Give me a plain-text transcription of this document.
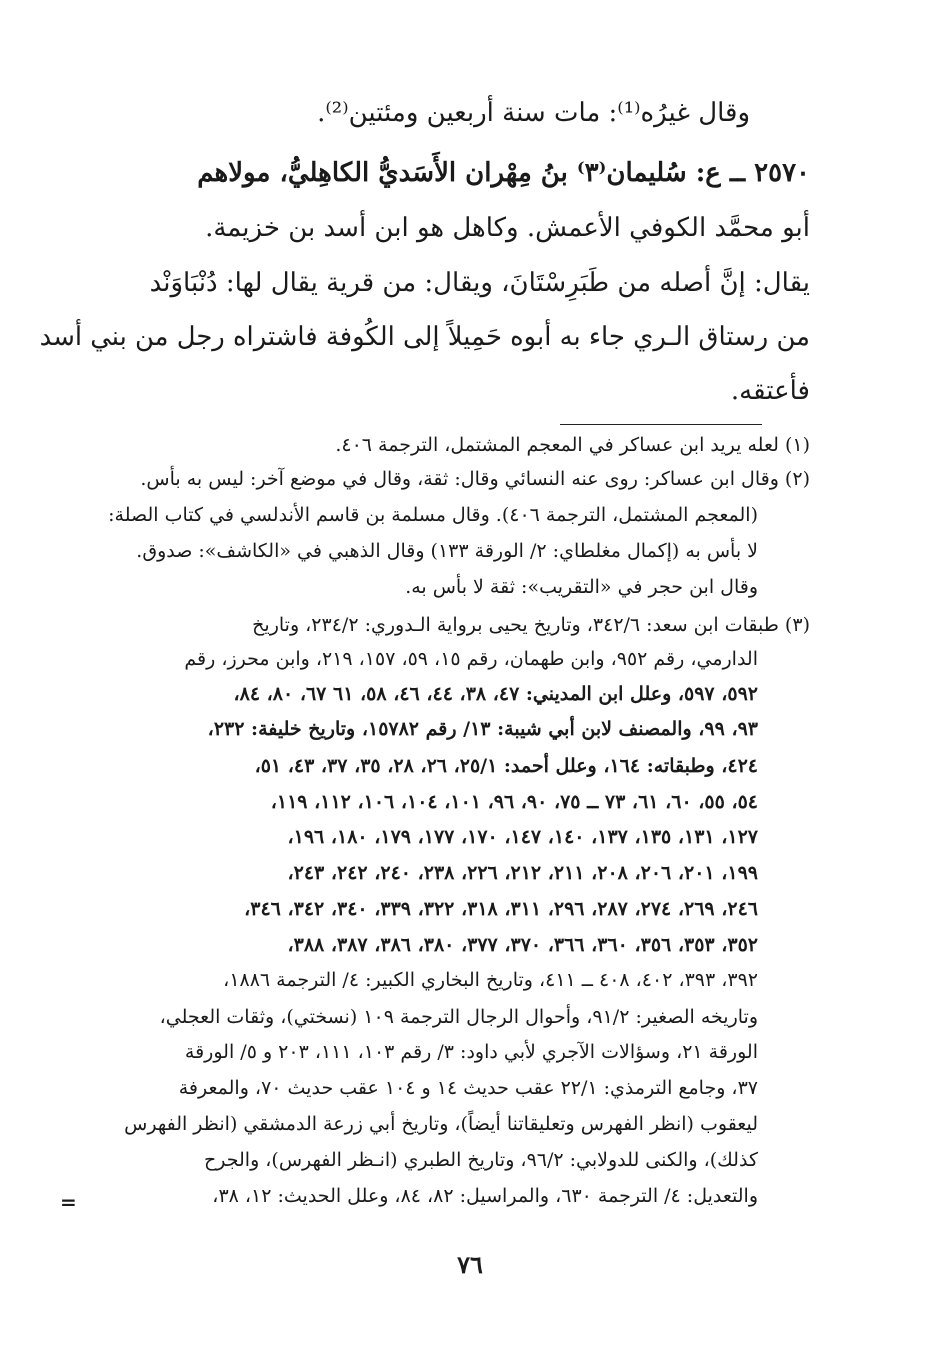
وقال غيرُه⁽¹⁾: مات سنة أربعين ومئتين⁽²⁾.
٢٥٧٠ ــ ع: سُليمان⁽٣⁾ بنُ مِهْران الأَسَديُّ الكاهِليُّ، مولاهم
أبو محمَّد الكوفي الأعمش. وكاهل هو ابن أسد بن خزيمة.
يقال: إنَّ أصله من طَبَرِسْتَانَ، ويقال: من قرية يقال لها: دُنْبَاوَنْد
من رستاق الـري جاء به أبوه حَمِيلاً إلى الكُوفة فاشتراه رجل من بني أسد
فأعتقه.
(١) لعله يريد ابن عساكر في المعجم المشتمل، الترجمة ٤٠٦.
(٢) وقال ابن عساكر: روى عنه النسائي وقال: ثقة، وقال في موضع آخر: ليس به بأس.
(المعجم المشتمل، الترجمة ٤٠٦). وقال مسلمة بن قاسم الأندلسي في كتاب الصلة:
لا بأس به (إكمال مغلطاي: ٢/ الورقة ١٣٣) وقال الذهبي في «الكاشف»: صدوق.
وقال ابن حجر في «التقريب»: ثقة لا بأس به.
(٣) طبقات ابن سعد: ٣٤٢/٦، وتاريخ يحيى برواية الـدوري: ٢٣٤/٢، وتاريخ
الدارمي، رقم ٩٥٢، وابن طهمان، رقم ١٥، ٥٩، ١٥٧، ٢١٩، وابن محرز، رقم
٥٩٢، ٥٩٧، وعلل ابن المديني: ٤٧، ٣٨، ٤٤، ٤٦، ٥٨، ٦١ ٦٧، ٨٠، ٨٤،
٩٣، ٩٩، والمصنف لابن أبي شيبة: ١٣/ رقم ١٥٧٨٢، وتاريخ خليفة: ٢٣٢،
٤٢٤، وطبقاته: ١٦٤، وعلل أحمد: ٢٥/١، ٢٦، ٢٨، ٣٥، ٣٧، ٤٣، ٥١،
٥٤، ٥٥، ٦٠، ٦١، ٧٣ ــ ٧٥، ٩٠، ٩٦، ١٠١، ١٠٤، ١٠٦، ١١٢، ١١٩،
١٢٧، ١٣١، ١٣٥، ١٣٧، ١٤٠، ١٤٧، ١٧٠، ١٧٧، ١٧٩، ١٨٠، ١٩٦،
١٩٩، ٢٠١، ٢٠٦، ٢٠٨، ٢١١، ٢١٢، ٢٢٦، ٢٣٨، ٢٤٠، ٢٤٢، ٢٤٣،
٢٤٦، ٢٦٩، ٢٧٤، ٢٨٧، ٢٩٦، ٣١١، ٣١٨، ٣٢٢، ٣٣٩، ٣٤٠، ٣٤٢، ٣٤٦،
٣٥٢، ٣٥٣، ٣٥٦، ٣٦٠، ٣٦٦، ٣٧٠، ٣٧٧، ٣٨٠، ٣٨٦، ٣٨٧، ٣٨٨،
٣٩٢، ٣٩٣، ٤٠٢، ٤٠٨ ــ ٤١١، وتاريخ البخاري الكبير: ٤/ الترجمة ١٨٨٦،
وتاريخه الصغير: ٩١/٢، وأحوال الرجال الترجمة ١٠٩ (نسختي)، وثقات العجلي،
الورقة ٢١، وسؤالات الآجري لأبي داود: ٣/ رقم ١٠٣، ١١١، ٢٠٣ و ٥/ الورقة
٣٧، وجامع الترمذي: ٢٢/١ عقب حديث ١٤ و ١٠٤ عقب حديث ٧٠، والمعرفة
ليعقوب (انظر الفهرس وتعليقاتنا أيضاً)، وتاريخ أبي زرعة الدمشقي (انظر الفهرس
كذلك)، والكنى للدولابي: ٩٦/٢، وتاريخ الطبري (انـظر الفهرس)، والجرح
والتعديل: ٤/ الترجمة ٦٣٠، والمراسيل: ٨٢، ٨٤، وعلل الحديث: ١٢، ٣٨،
=
٧٦
